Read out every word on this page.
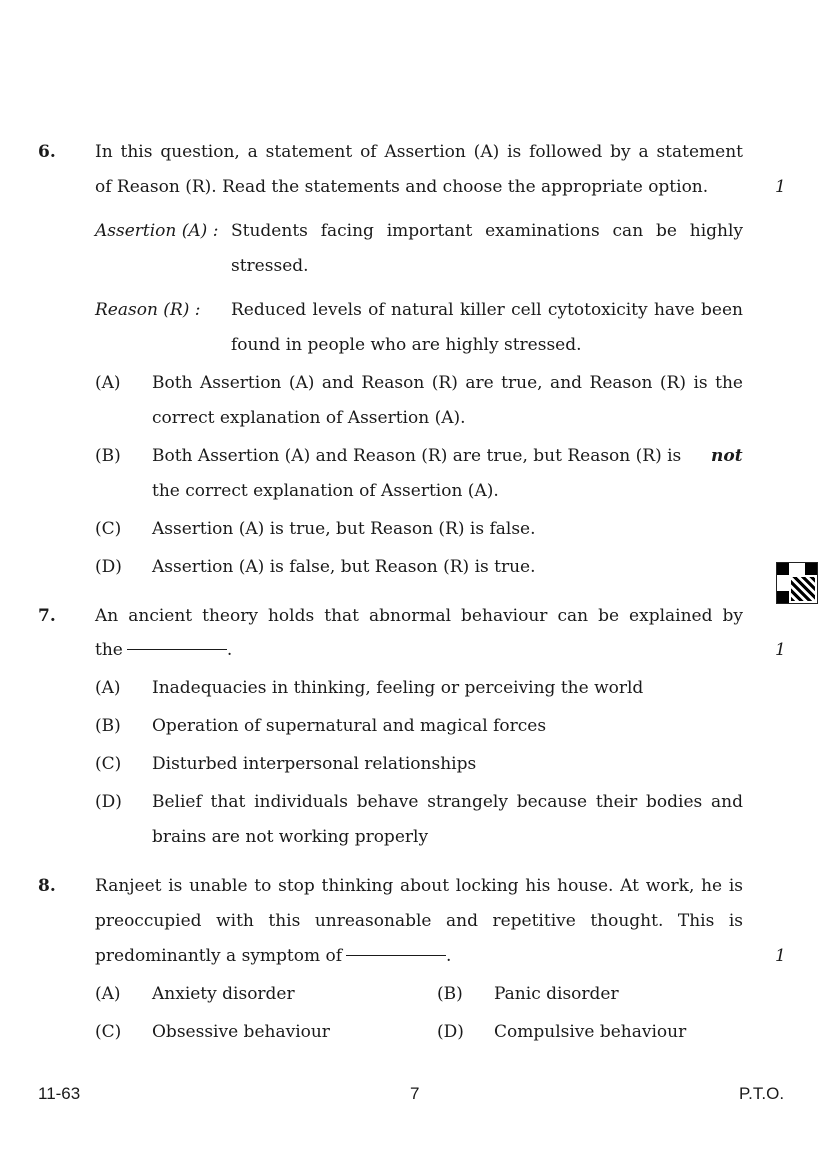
6. In this question, a statement of Assertion (A) is followed by a statement

of Reason (R). Read the statements and choose the appropriate option.	1

Assertion (A) : Students facing important examinations can be highly

stressed.

Reason (R) : Reduced levels of natural killer cell cytotoxicity have been

found in people who are highly stressed.

(A) Both Assertion (A) and Reason (R) are true, and Reason (R) is the

correct explanation of Assertion (A).

(B) Both Assertion (A) and Reason (R) are true, but Reason (R) is not

the correct explanation of Assertion (A).

(C) Assertion (A) is true, but Reason (R) is false.

(D) Assertion (A) is false, but Reason (R) is true.

7. An ancient theory holds that abnormal behaviour can be explained by

the	.	1

(A) Inadequacies in thinking, feeling or perceiving the world

(B) Operation of supernatural and magical forces

(C) Disturbed interpersonal relationships

(D) Belief that individuals behave strangely because their bodies and

brains are not working properly

8. Ranjeet is unable to stop thinking about locking his house. At work, he is

preoccupied with this unreasonable and repetitive thought. This is

predominantly a symptom of	.	1

(A) Anxiety disorder	(B) Panic disorder

(C) Obsessive behaviour	(D) Compulsive behaviour

11-63	7	P.T.O.
